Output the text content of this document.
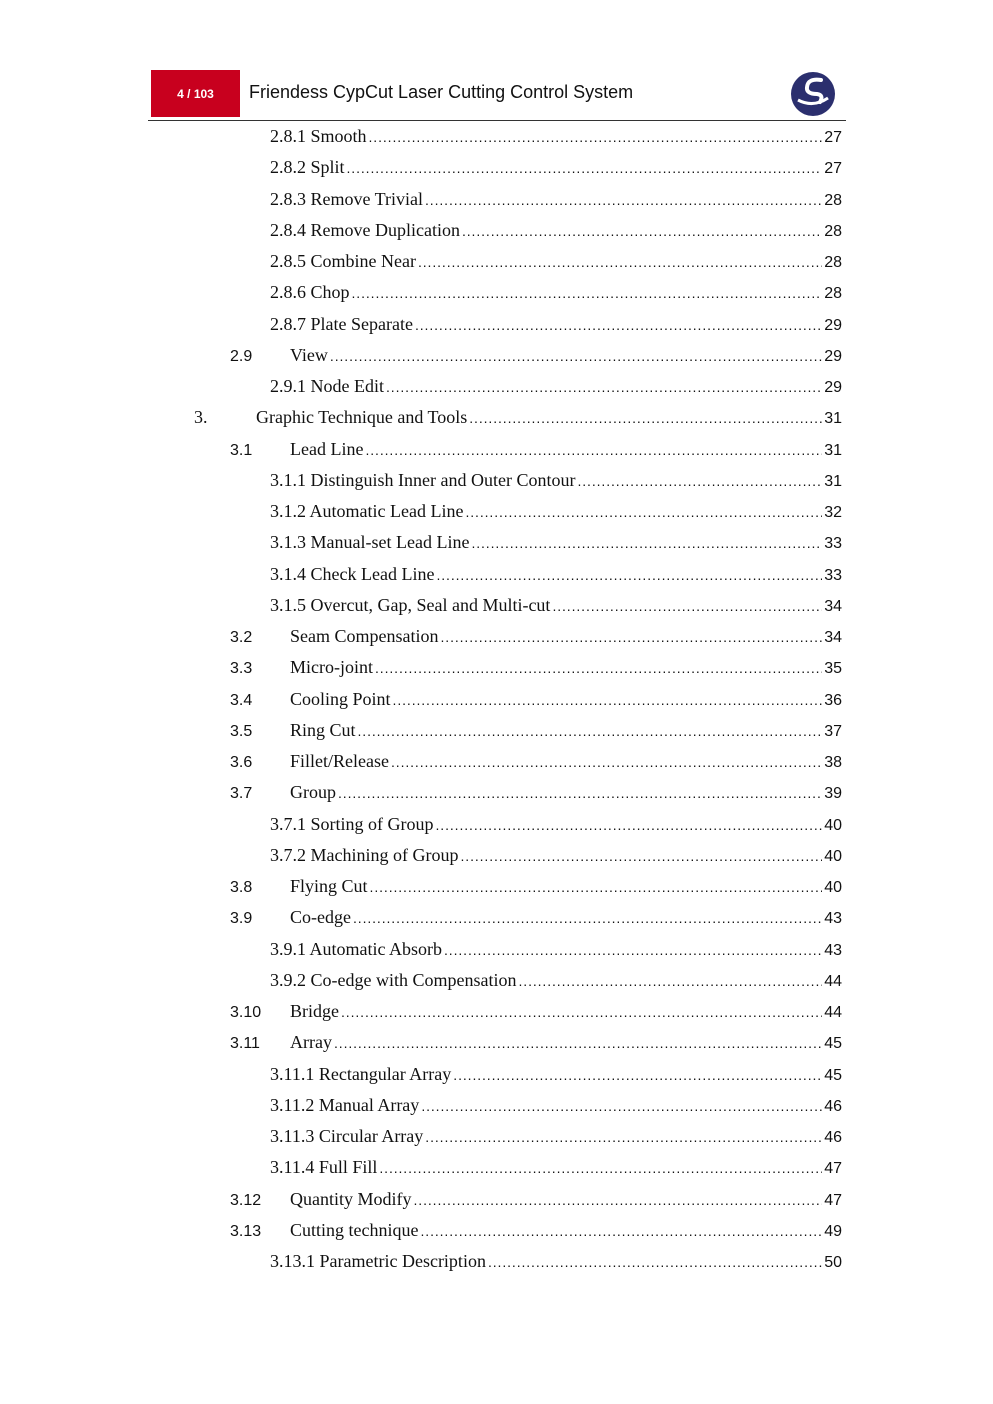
4 / 103	Friendess CypCut Laser Cutting Control System
2.8.1 Smooth .....	27
2.8.2 Split .....	27
2.8.3 Remove Trivial .....	28
2.8.4 Remove Duplication .....	28
2.8.5 Combine Near .....	28
2.8.6 Chop .....	28
2.8.7 Plate Separate .....	29
2.9	View .....	29
2.9.1 Node Edit .....	29
3.	Graphic Technique and Tools .....	31
3.1	Lead Line .....	31
3.1.1 Distinguish Inner and Outer Contour .....	31
3.1.2 Automatic Lead Line .....	32
3.1.3 Manual-set Lead Line .....	33
3.1.4 Check Lead Line .....	33
3.1.5 Overcut, Gap, Seal and Multi-cut .....	34
3.2	Seam Compensation .....	34
3.3	Micro-joint .....	35
3.4	Cooling Point .....	36
3.5	Ring Cut .....	37
3.6	Fillet/Release .....	38
3.7	Group .....	39
3.7.1 Sorting of Group .....	40
3.7.2 Machining of Group .....	40
3.8	Flying Cut .....	40
3.9	Co-edge .....	43
3.9.1 Automatic Absorb .....	43
3.9.2 Co-edge with Compensation .....	44
3.10	Bridge .....	44
3.11	Array .....	45
3.11.1 Rectangular Array .....	45
3.11.2 Manual Array .....	46
3.11.3 Circular Array .....	46
3.11.4 Full Fill .....	47
3.12	Quantity Modify .....	47
3.13	Cutting technique .....	49
3.13.1 Parametric Description .....	50
